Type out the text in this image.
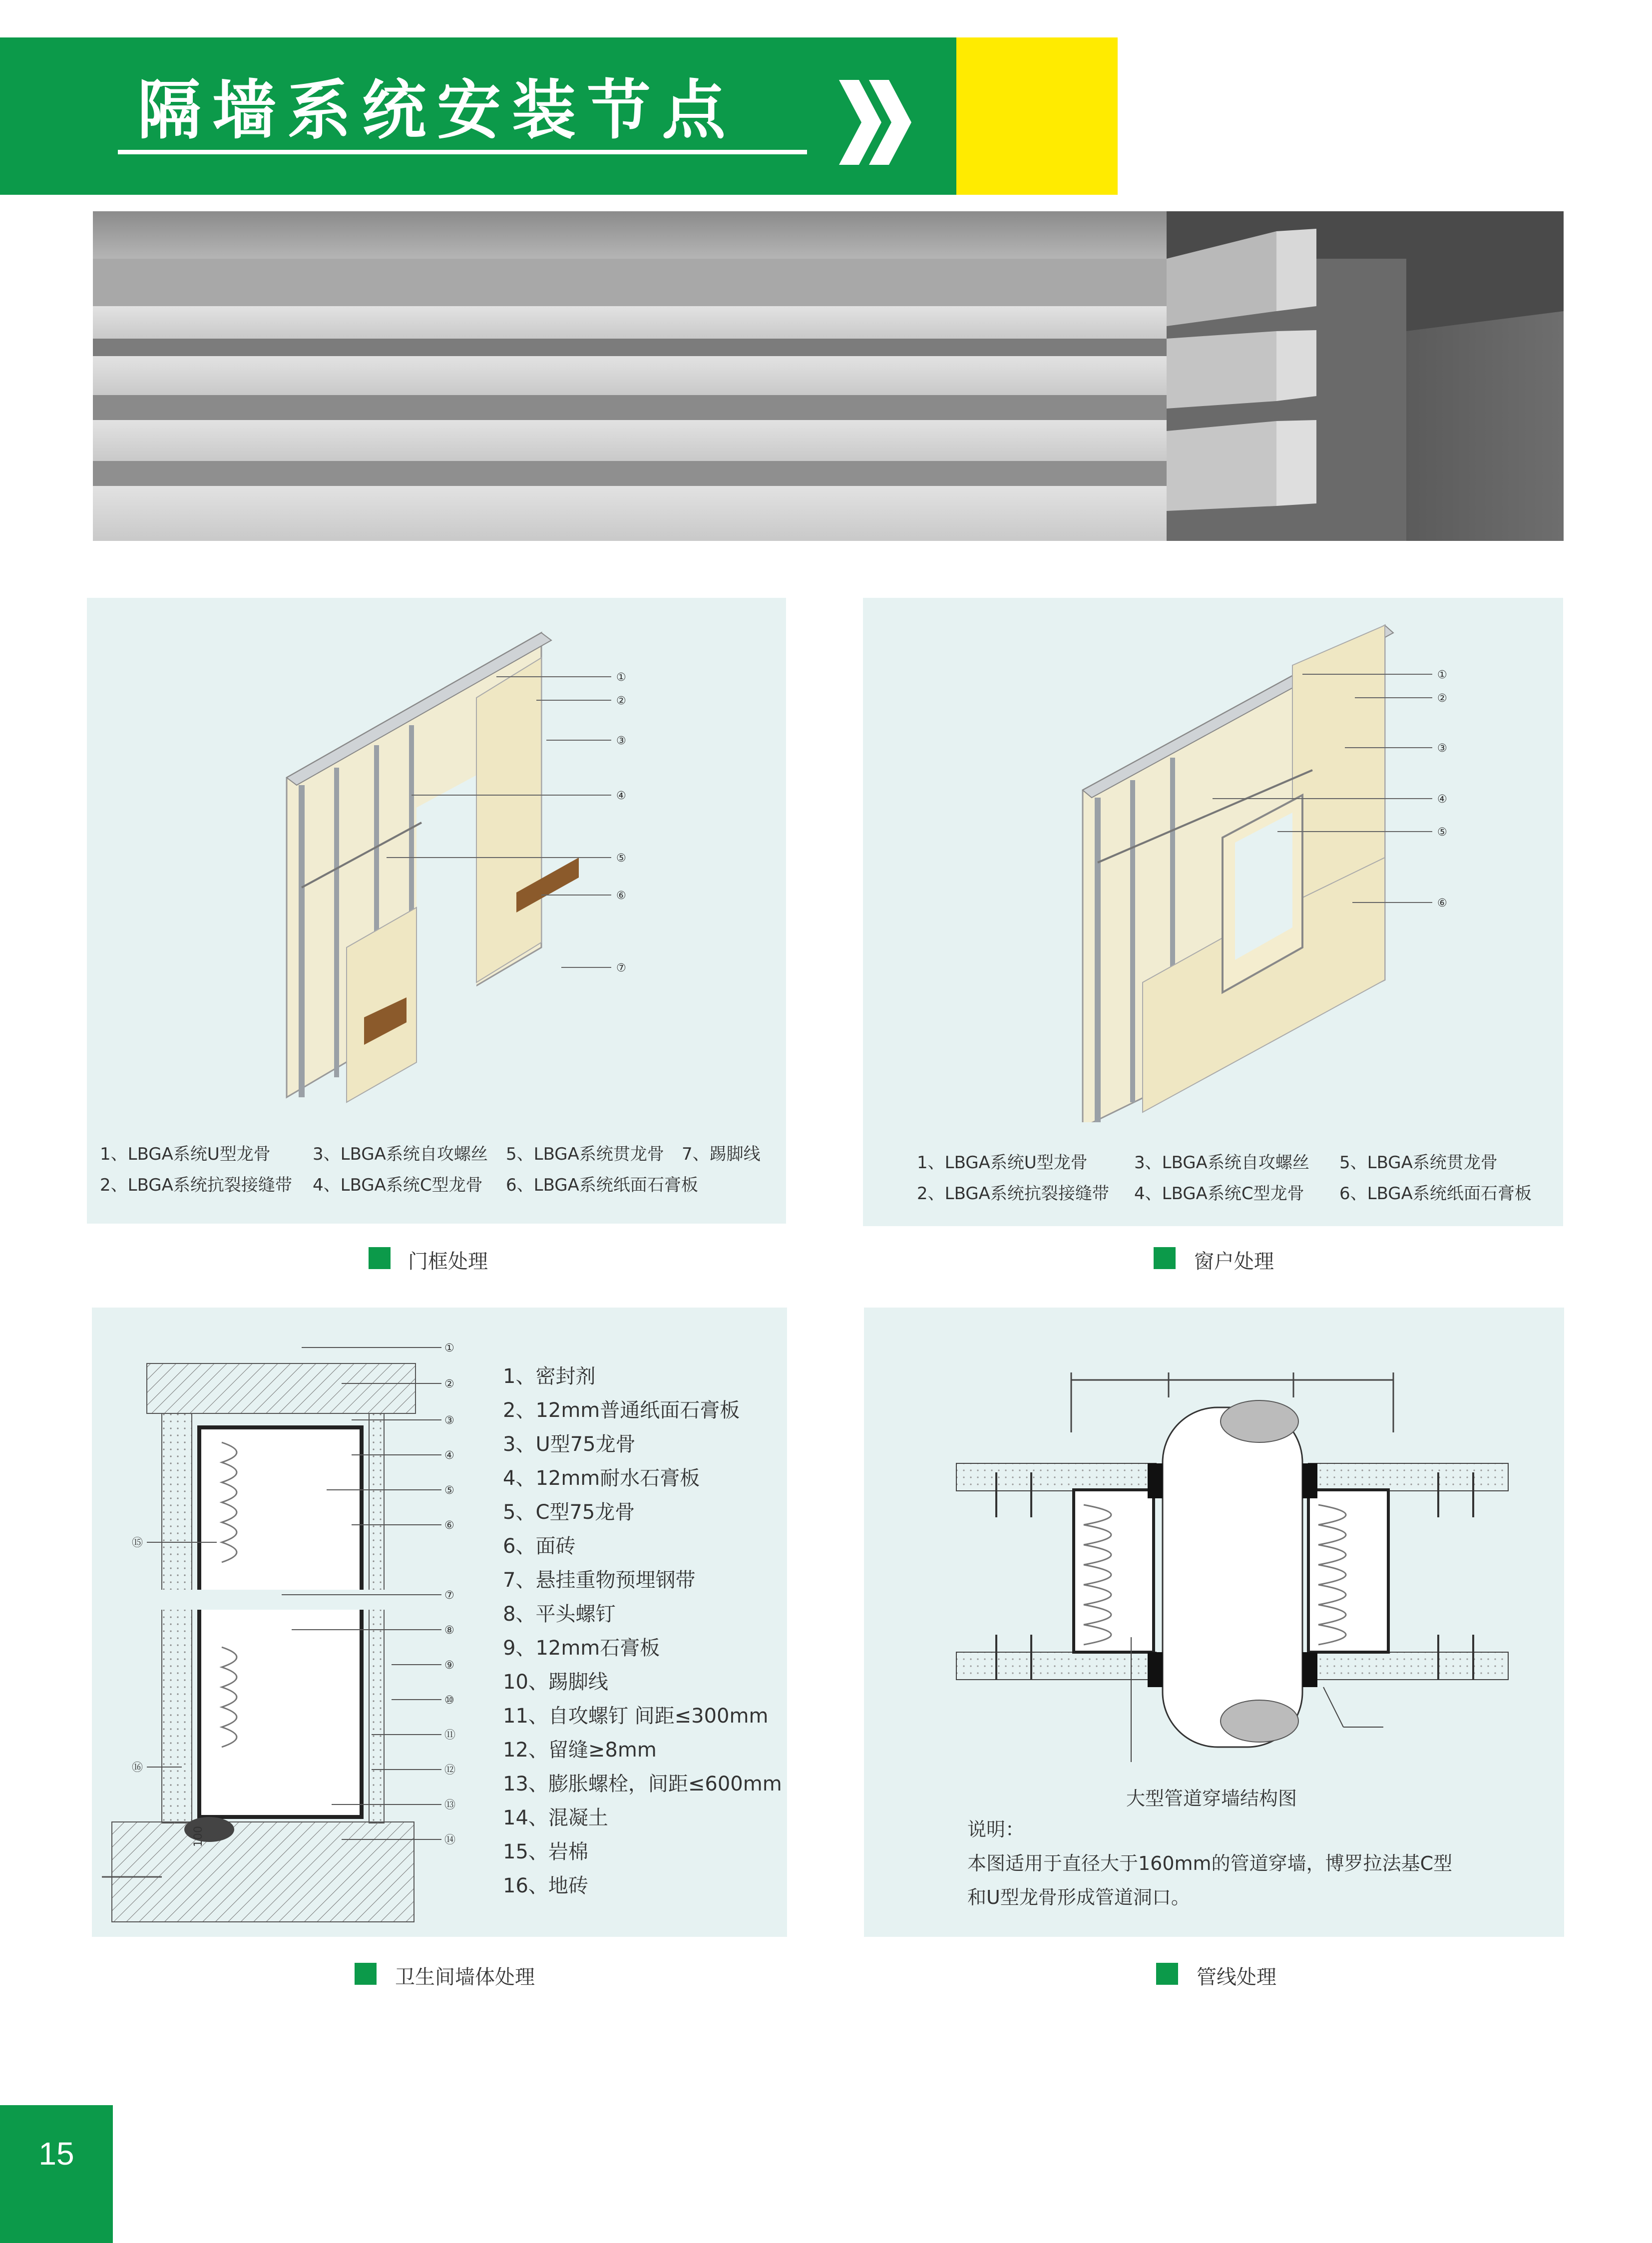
隔墙系统安装节点
①
②
③
④
⑤
⑥
⑦
1、LBGA系统U型龙骨 3、LBGA系统自攻螺丝 5、LBGA系统贯龙骨 7、踢脚线
2、LBGA系统抗裂接缝带 4、LBGA系统C型龙骨 6、LBGA系统纸面石膏板
门框处理
①
②
③
④
⑤
⑥
1、LBGA系统U型龙骨	3、LBGA系统自攻螺丝 5、LBGA系统贯龙骨
2、LBGA系统抗裂接缝带 4、LBGA系统C型龙骨 6、LBGA系统纸面石膏板
窗户处理
100
①
②
③
④
⑤
⑥
⑦
⑧
⑨
⑩
⑪
⑫
⑬
⑭
⑮
⑯
1、密封剂
2、12mm普通纸面石膏板
3、U型75龙骨
4、12mm耐水石膏板
5、C型75龙骨
6、面砖
7、悬挂重物预埋钢带
8、平头螺钉
9、12mm石膏板
10、踢脚线
11、自攻螺钉 间距≤300mm
12、留缝≥8mm
13、膨胀螺栓，间距≤600mm
14、混凝土
15、岩棉
16、地砖
卫生间墙体处理
大型管道穿墙结构图
说明：
本图适用于直径大于160mm的管道穿墙，博罗拉法基C型
和U型龙骨形成管道洞口。
管线处理
15
